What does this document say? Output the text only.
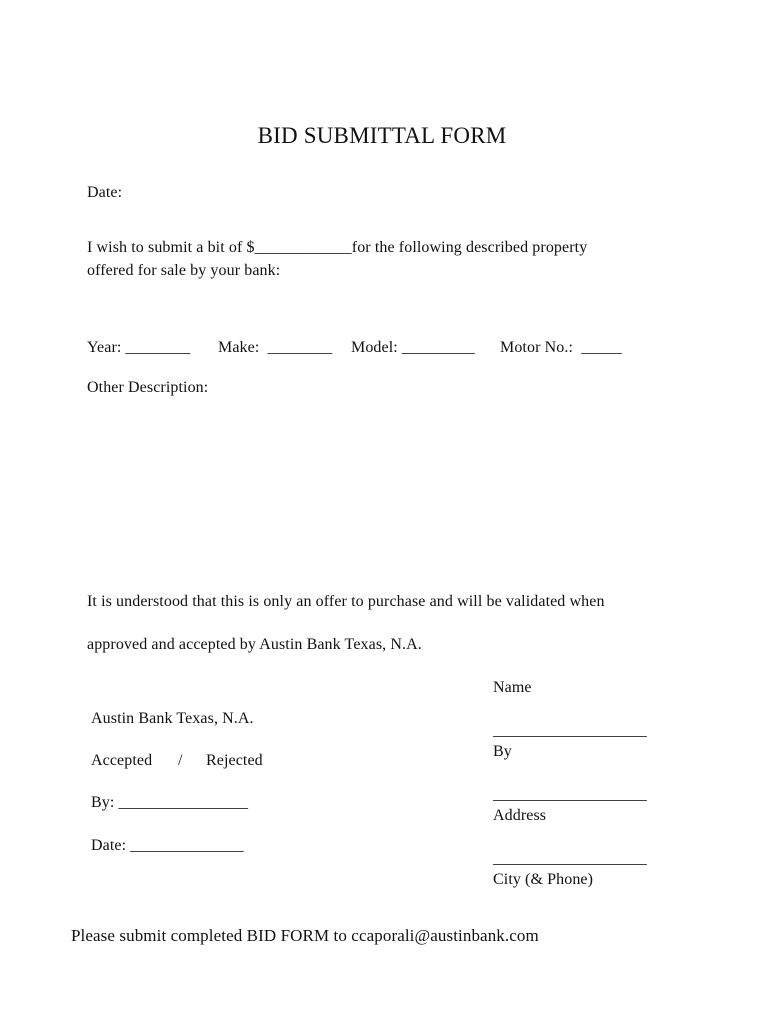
BID SUBMITTAL FORM
Date:
I wish to submit a bit of $____________for the following described property
offered for sale by your bank:
Year: ________ Make:  ________ Model: _________ Motor No.:  _____
Other Description:
It is understood that this is only an offer to purchase and will be validated when
approved and accepted by Austin Bank Texas, N.A.
Austin Bank Texas, N.A.
Accepted / Rejected
By: ________________
Date: ______________
Name
___________________
By
___________________
Address
___________________
City (& Phone)
Please submit completed BID FORM to ccaporali@austinbank.com
